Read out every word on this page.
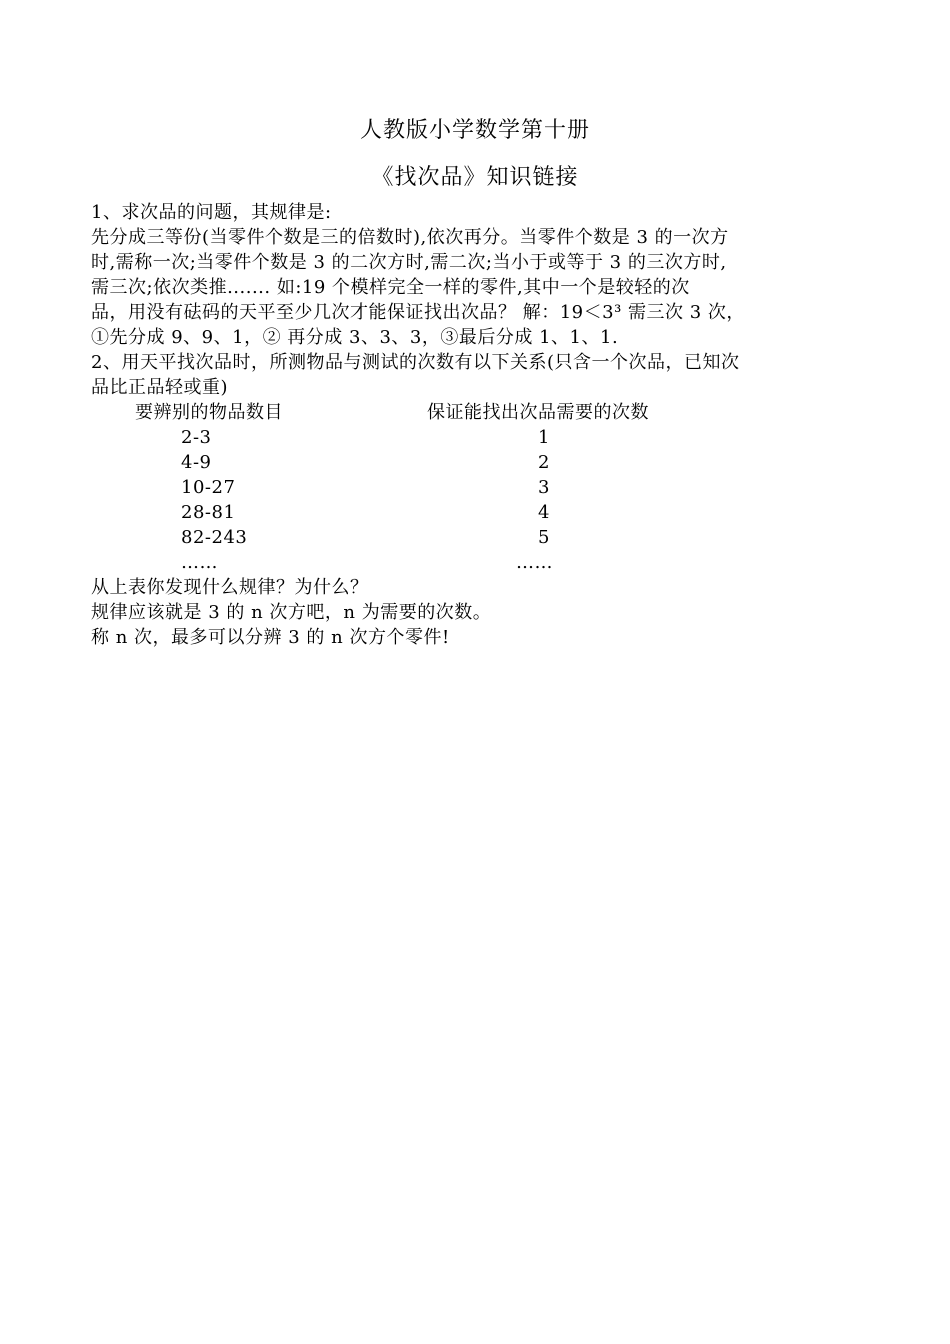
人教版小学数学第十册
《找次品》知识链接
1、求次品的问题，其规律是:
先分成三等份(当零件个数是三的倍数时),依次再分。当零件个数是 3 的一次方
时,需称一次;当零件个数是 3 的二次方时,需二次;当小于或等于 3 的三次方时,
需三次;依次类推....... 如:19 个模样完全一样的零件,其中一个是较轻的次
品，用没有砝码的天平至少几次才能保证找出次品？ 解：19＜3³ 需三次 3 次，
①先分成 9、9、1，② 再分成 3、3、3，③最后分成 1、1、1.
2、用天平找次品时，所测物品与测试的次数有以下关系(只含一个次品，已知次
品比正品轻或重)
要辨别的物品数目	保证能找出次品需要的次数
2-3	1
4-9	2
10-27	3
28-81	4
82-243	5
……	……
从上表你发现什么规律？为什么？
规律应该就是 3 的 n 次方吧，n 为需要的次数。
称 n 次，最多可以分辨 3 的 n 次方个零件!
